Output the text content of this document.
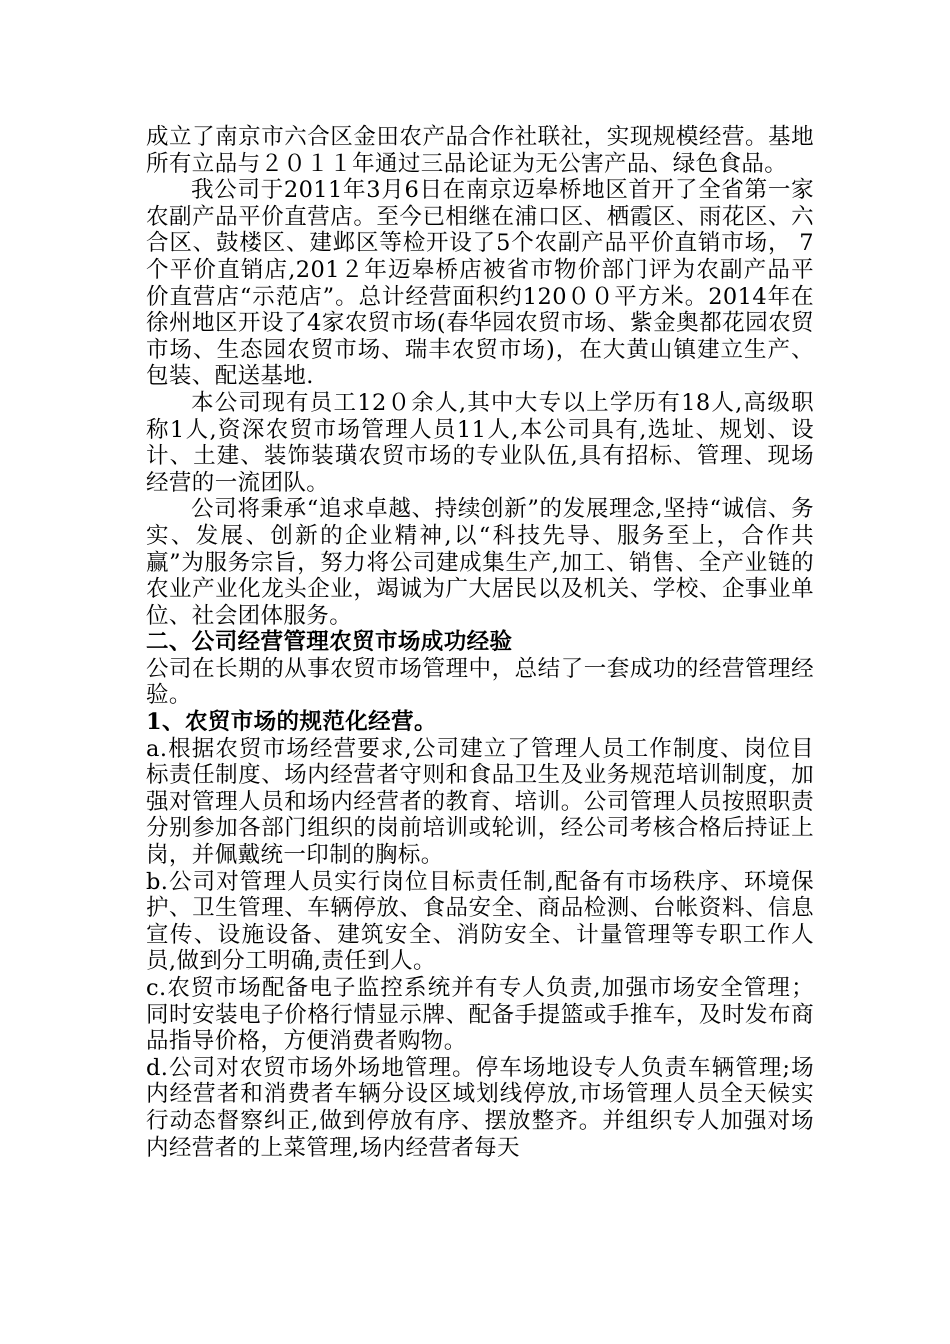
成立了南京市六合区金田农产品合作社联社，实现规模经营。基地所有立品与２０１１年通过三品论证为无公害产品、绿色食品。

我公司于2011年3月6日在南京迈皋桥地区首开了全省第一家农副产品平价直营店。至今已相继在浦口区、栖霞区、雨花区、六合区、鼓楼区、建邺区等检开设了5个农副产品平价直销市场， 7个平价直销店,201２年迈皋桥店被省市物价部门评为农副产品平价直营店“示范店”。总计经营面积约120００平方米。2014年在徐州地区开设了4家农贸市场(春华园农贸市场、紫金奥都花园农贸市场、生态园农贸市场、瑞丰农贸市场)，在大黄山镇建立生产、包装、配送基地.

本公司现有员工12０余人,其中大专以上学历有18人,高级职称1人,资深农贸市场管理人员11人,本公司具有,选址、规划、设计、土建、装饰装璜农贸市场的专业队伍,具有招标、管理、现场经营的一流团队。

公司将秉承“追求卓越、持续创新”的发展理念,坚持“诚信、务实、发展、创新的企业精神,以“科技先导、服务至上，合作共赢”为服务宗旨，努力将公司建成集生产,加工、销售、全产业链的农业产业化龙头企业，竭诚为广大居民以及机关、学校、企事业单位、社会团体服务。

二、公司经营管理农贸市场成功经验

公司在长期的从事农贸市场管理中，总结了一套成功的经营管理经验。

1、农贸市场的规范化经营。

a.根据农贸市场经营要求,公司建立了管理人员工作制度、岗位目标责任制度、场内经营者守则和食品卫生及业务规范培训制度，加强对管理人员和场内经营者的教育、培训。公司管理人员按照职责分别参加各部门组织的岗前培训或轮训，经公司考核合格后持证上岗，并佩戴统一印制的胸标。

b.公司对管理人员实行岗位目标责任制,配备有市场秩序、环境保护、卫生管理、车辆停放、食品安全、商品检测、台帐资料、信息宣传、设施设备、建筑安全、消防安全、计量管理等专职工作人员,做到分工明确,责任到人。

c.农贸市场配备电子监控系统并有专人负责,加强市场安全管理；同时安装电子价格行情显示牌、配备手提篮或手推车，及时发布商品指导价格，方便消费者购物。

d.公司对农贸市场外场地管理。停车场地设专人负责车辆管理;场内经营者和消费者车辆分设区域划线停放,市场管理人员全天候实行动态督察纠正,做到停放有序、摆放整齐。并组织专人加强对场内经营者的上菜管理,场内经营者每天
